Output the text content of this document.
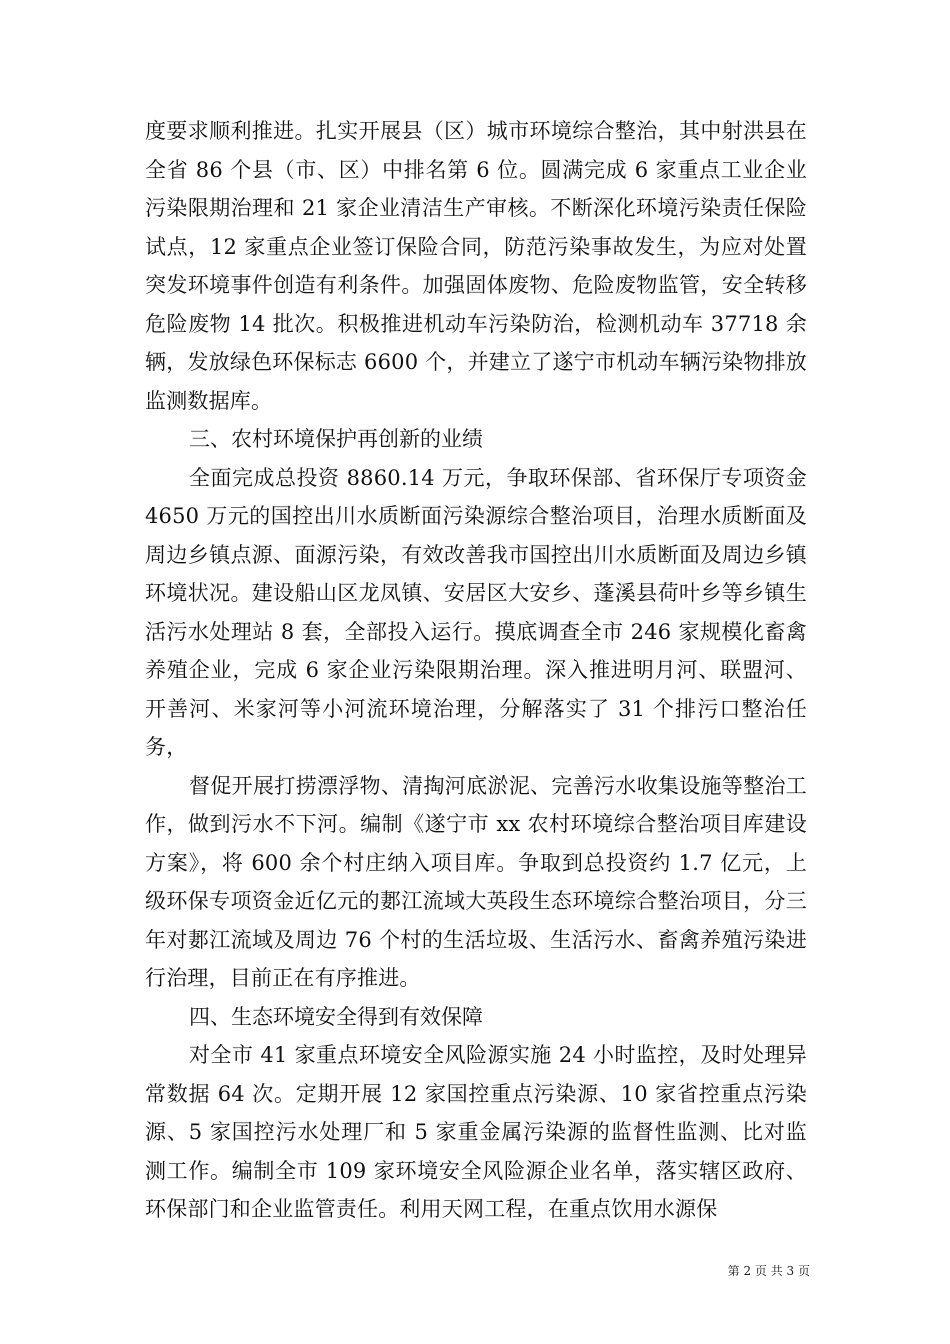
度要求顺利推进。扎实开展县（区）城市环境综合整治，其中射洪县在全省 86 个县（市、区）中排名第 6 位。圆满完成 6 家重点工业企业污染限期治理和 21 家企业清洁生产审核。不断深化环境污染责任保险试点，12 家重点企业签订保险合同，防范污染事故发生，为应对处置突发环境事件创造有利条件。加强固体废物、危险废物监管，安全转移危险废物 14 批次。积极推进机动车污染防治，检测机动车 37718 余辆，发放绿色环保标志 6600 个，并建立了遂宁市机动车辆污染物排放监测数据库。

三、农村环境保护再创新的业绩

全面完成总投资 8860.14 万元，争取环保部、省环保厅专项资金 4650 万元的国控出川水质断面污染源综合整治项目，治理水质断面及周边乡镇点源、面源污染，有效改善我市国控出川水质断面及周边乡镇环境状况。建设船山区龙凤镇、安居区大安乡、蓬溪县荷叶乡等乡镇生活污水处理站 8 套，全部投入运行。摸底调查全市 246 家规模化畜禽养殖企业，完成 6 家企业污染限期治理。深入推进明月河、联盟河、开善河、米家河等小河流环境治理，分解落实了 31 个排污口整治任务，

督促开展打捞漂浮物、清掏河底淤泥、完善污水收集设施等整治工作，做到污水不下河。编制《遂宁市 xx 农村环境综合整治项目库建设方案》，将 600 余个村庄纳入项目库。争取到总投资约 1.7 亿元，上级环保专项资金近亿元的郪江流域大英段生态环境综合整治项目，分三年对郪江流域及周边 76 个村的生活垃圾、生活污水、畜禽养殖污染进行治理，目前正在有序推进。

四、生态环境安全得到有效保障

对全市 41 家重点环境安全风险源实施 24 小时监控，及时处理异常数据 64 次。定期开展 12 家国控重点污染源、10 家省控重点污染源、5 家国控污水处理厂和 5 家重金属污染源的监督性监测、比对监测工作。编制全市 109 家环境安全风险源企业名单，落实辖区政府、环保部门和企业监管责任。利用天网工程，在重点饮用水源保

第 2 页 共 3 页
